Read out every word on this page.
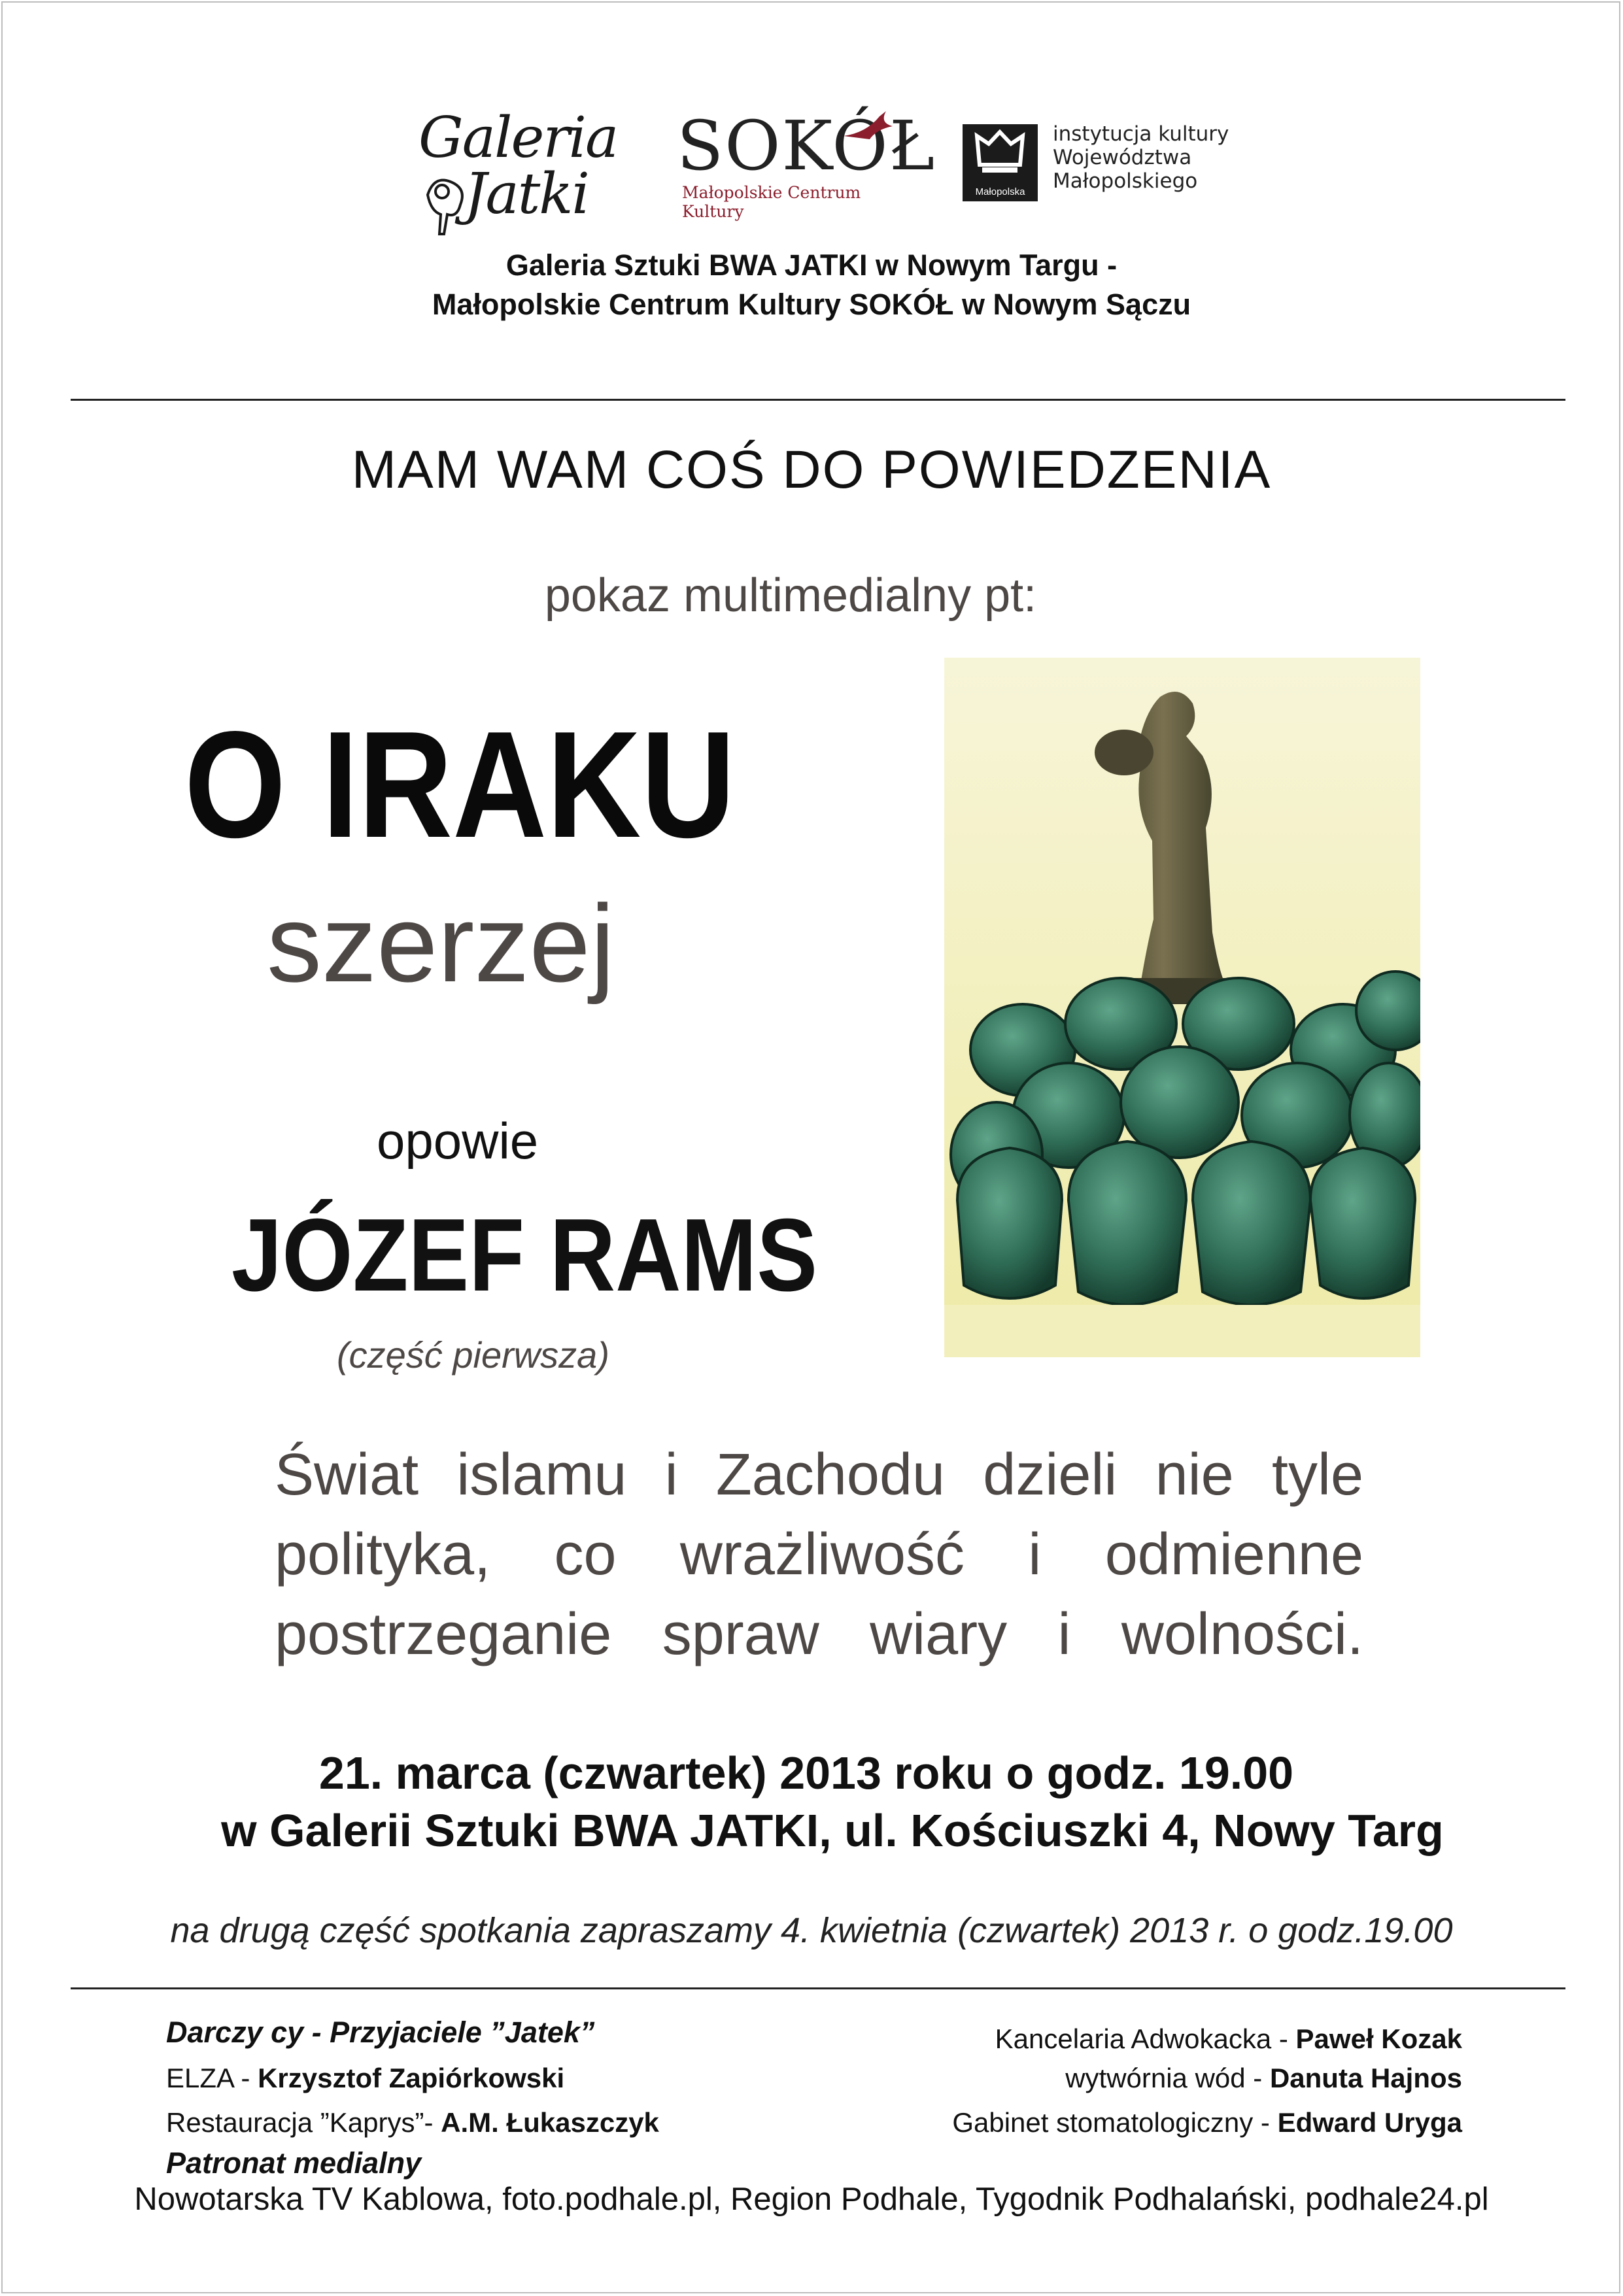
Galeria
Jatki
SOKÓŁ
Małopolskie Centrum Kultury
Małopolska
instytucja kultury
Województwa
Małopolskiego
Galeria Sztuki BWA JATKI w Nowym Targu -
Małopolskie Centrum Kultury SOKÓŁ w Nowym Sączu
MAM WAM COŚ DO POWIEDZENIA
pokaz multimedialny pt:
O IRAKU
szerzej
opowie
JÓZEF RAMS
(część pierwsza)
Świat islamu i Zachodu dzieli nie tyle
polityka, co wrażliwość i odmienne
postrzeganie spraw wiary i wolności.
21. marca (czwartek) 2013 roku o godz. 19.00
w Galerii Sztuki BWA JATKI, ul. Kościuszki 4, Nowy Targ
na drugą część spotkania zapraszamy 4. kwietnia (czwartek) 2013 r. o godz.19.00
Darczy cy - Przyjaciele ”Jatek”
ELZA - Krzysztof Zapiórkowski
Restauracja ”Kaprys”- A.M. Łukaszczyk
Kancelaria Adwokacka - Paweł Kozak
wytwórnia wód - Danuta Hajnos
Gabinet stomatologiczny - Edward Uryga
Patronat medialny
Nowotarska TV Kablowa, foto.podhale.pl, Region Podhale, Tygodnik Podhalański, podhale24.pl
